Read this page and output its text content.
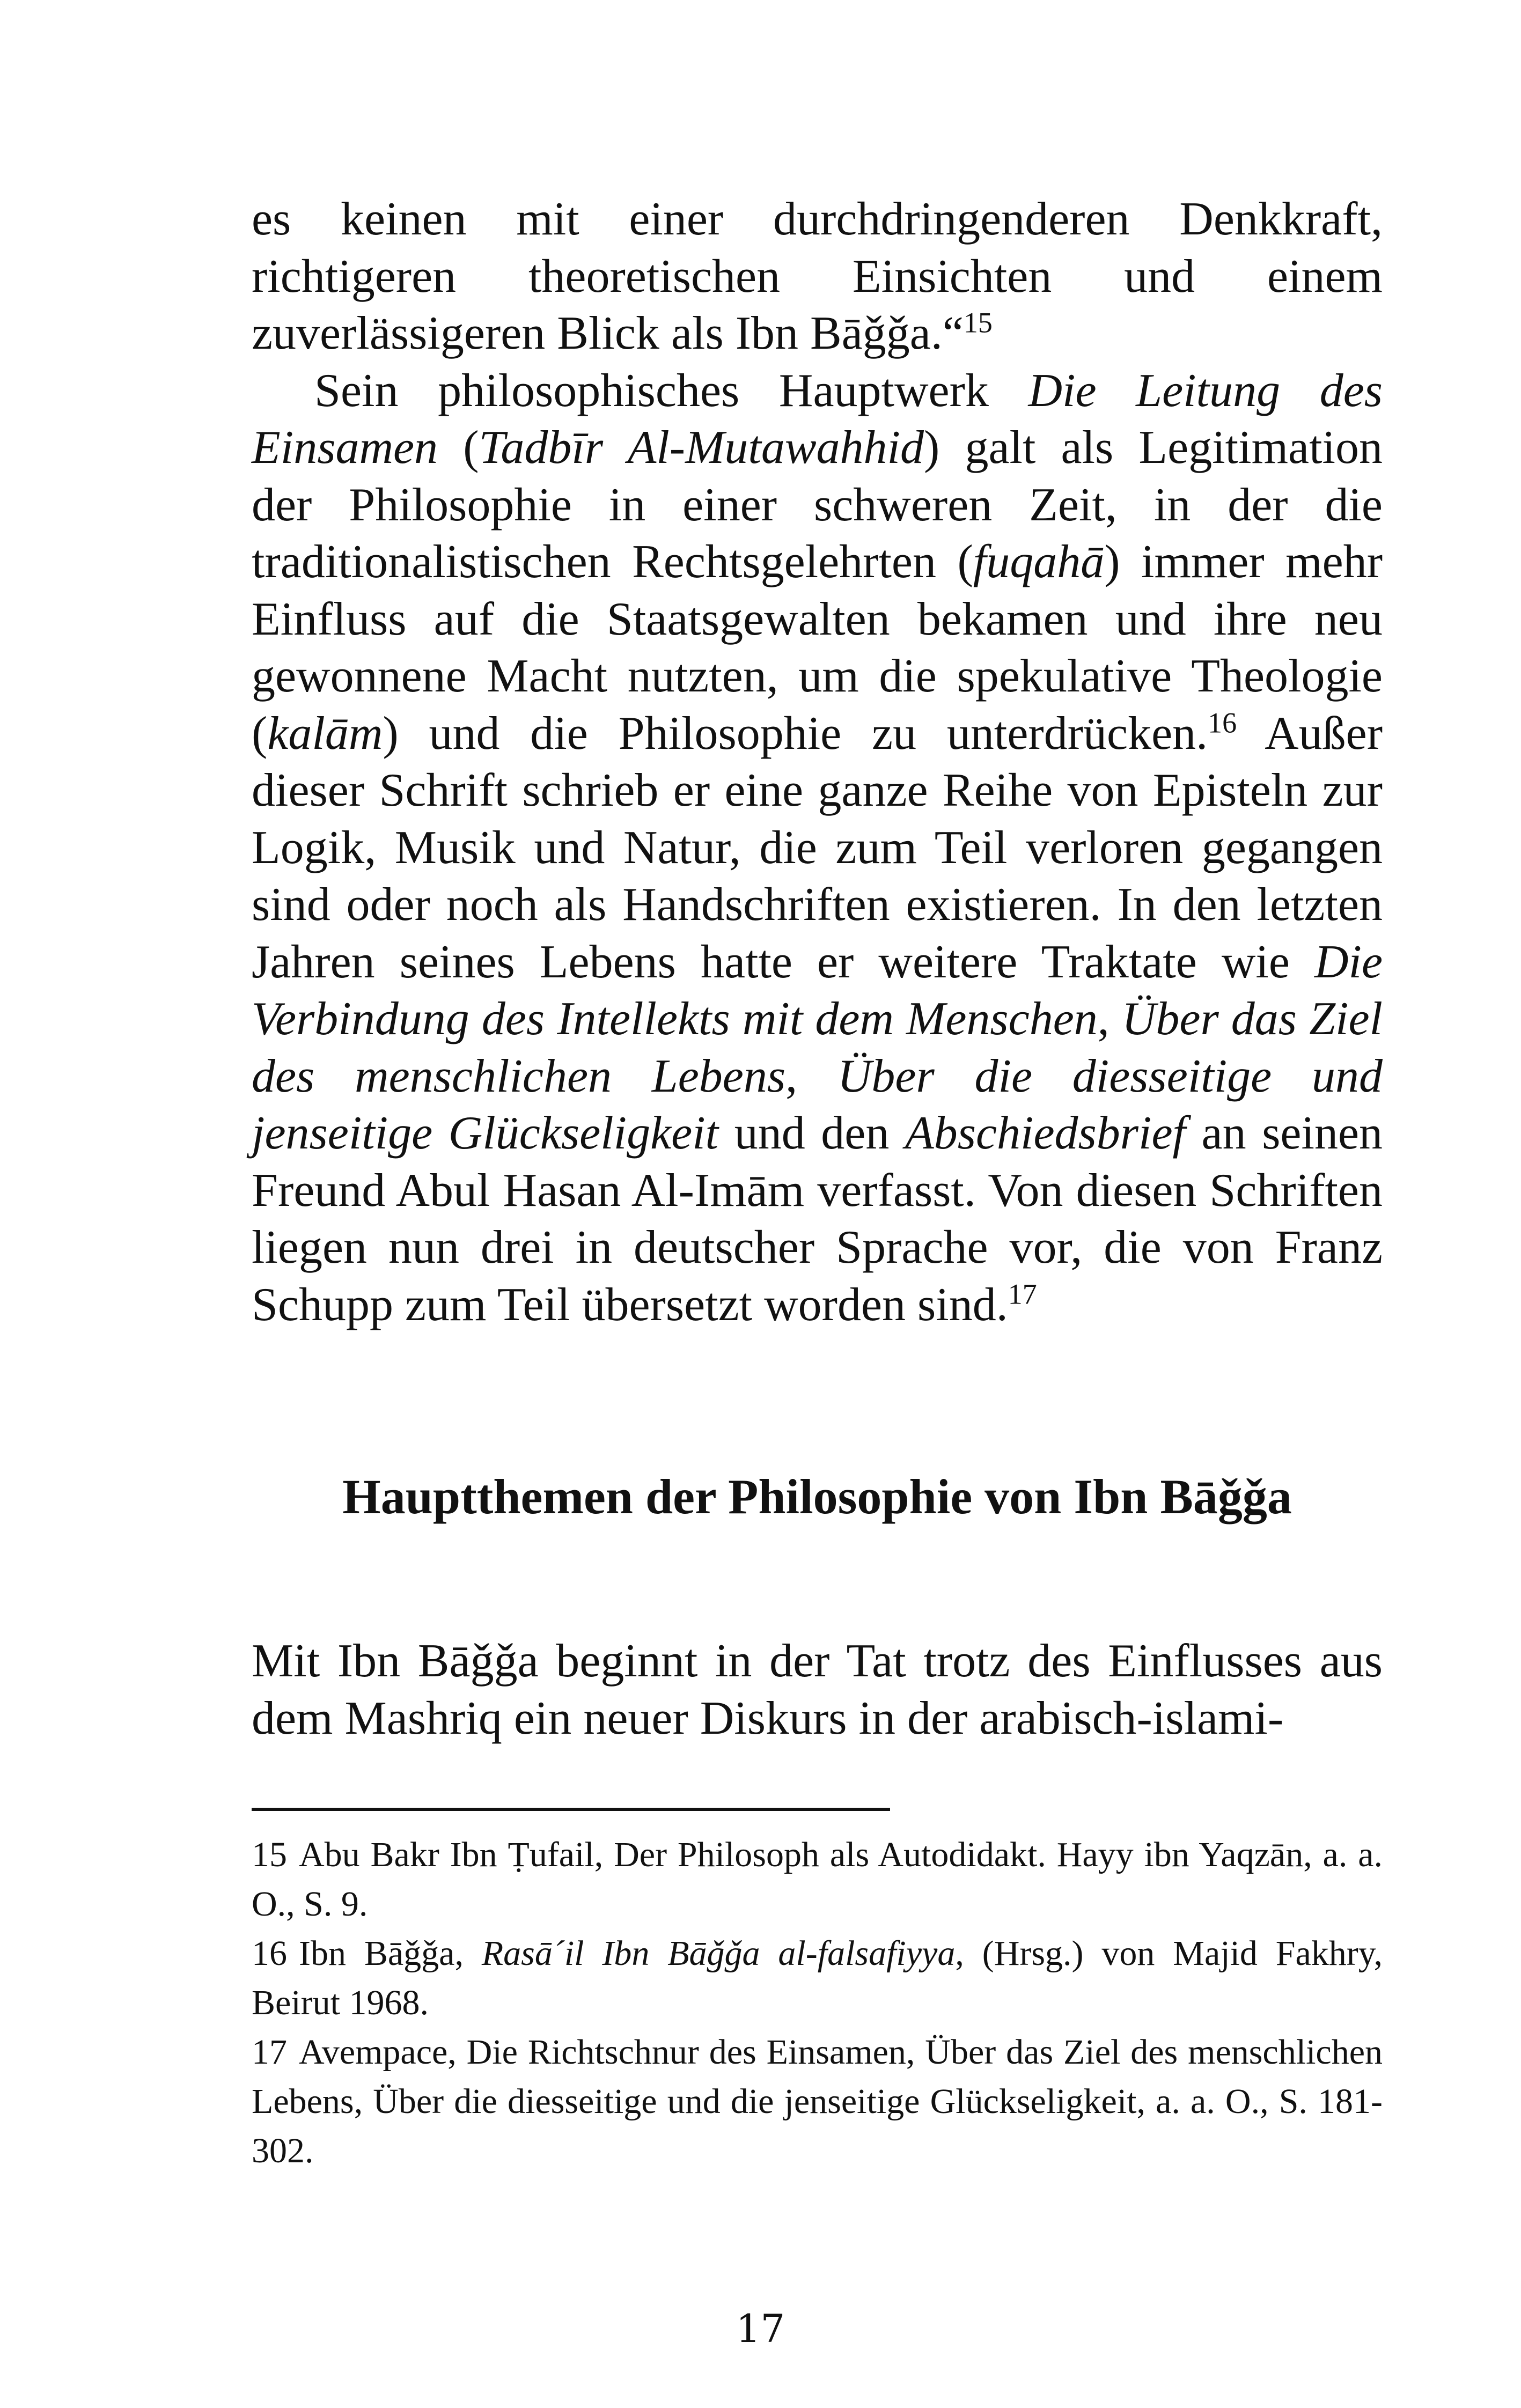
es keinen mit einer durchdringenderen Denkkraft, richtigeren theoretischen Einsichten und einem zuverlässigeren Blick als Ibn Bāǧǧa.“$^{15}$

Sein philosophisches Hauptwerk Die Leitung des Einsamen (Tadbīr Al-Mutawahhid) galt als Legitimation der Philosophie in einer schweren Zeit, in der die traditionalistischen Rechtsgelehrten (fuqahā) immer mehr Einfluss auf die Staatsgewalten bekamen und ihre neu gewonnene Macht nutzten, um die spekulative Theologie (kalām) und die Philosophie zu unterdrücken.$^{16}$ Außer dieser Schrift schrieb er eine ganze Reihe von Episteln zur Logik, Musik und Natur, die zum Teil verloren gegangen sind oder noch als Handschriften existieren. In den letzten Jahren seines Lebens hatte er weitere Traktate wie Die Verbindung des Intellekts mit dem Menschen, Über das Ziel des menschlichen Lebens, Über die diesseitige und jenseitige Glückseligkeit und den Abschiedsbrief an seinen Freund Abul Hasan Al-Imām verfasst. Von diesen Schriften liegen nun drei in deutscher Sprache vor, die von Franz Schupp zum Teil übersetzt worden sind.$^{17}$

Hauptthemen der Philosophie von Ibn Bāǧǧa

Mit Ibn Bāǧǧa beginnt in der Tat trotz des Einflusses aus dem Mashriq ein neuer Diskurs in der arabisch-islami-

15 Abu Bakr Ibn Ṭufail, Der Philosoph als Autodidakt. Hayy ibn Yaqzān, a. a. O., S. 9.

16 Ibn Bāǧǧa, Rasā´il Ibn Bāǧǧa al-falsafiyya, (Hrsg.) von Majid Fakhry, Beirut 1968.

17 Avempace, Die Richtschnur des Einsamen, Über das Ziel des menschlichen Lebens, Über die diesseitige und die jenseitige Glückseligkeit, a. a. O., S. 181-302.

17
